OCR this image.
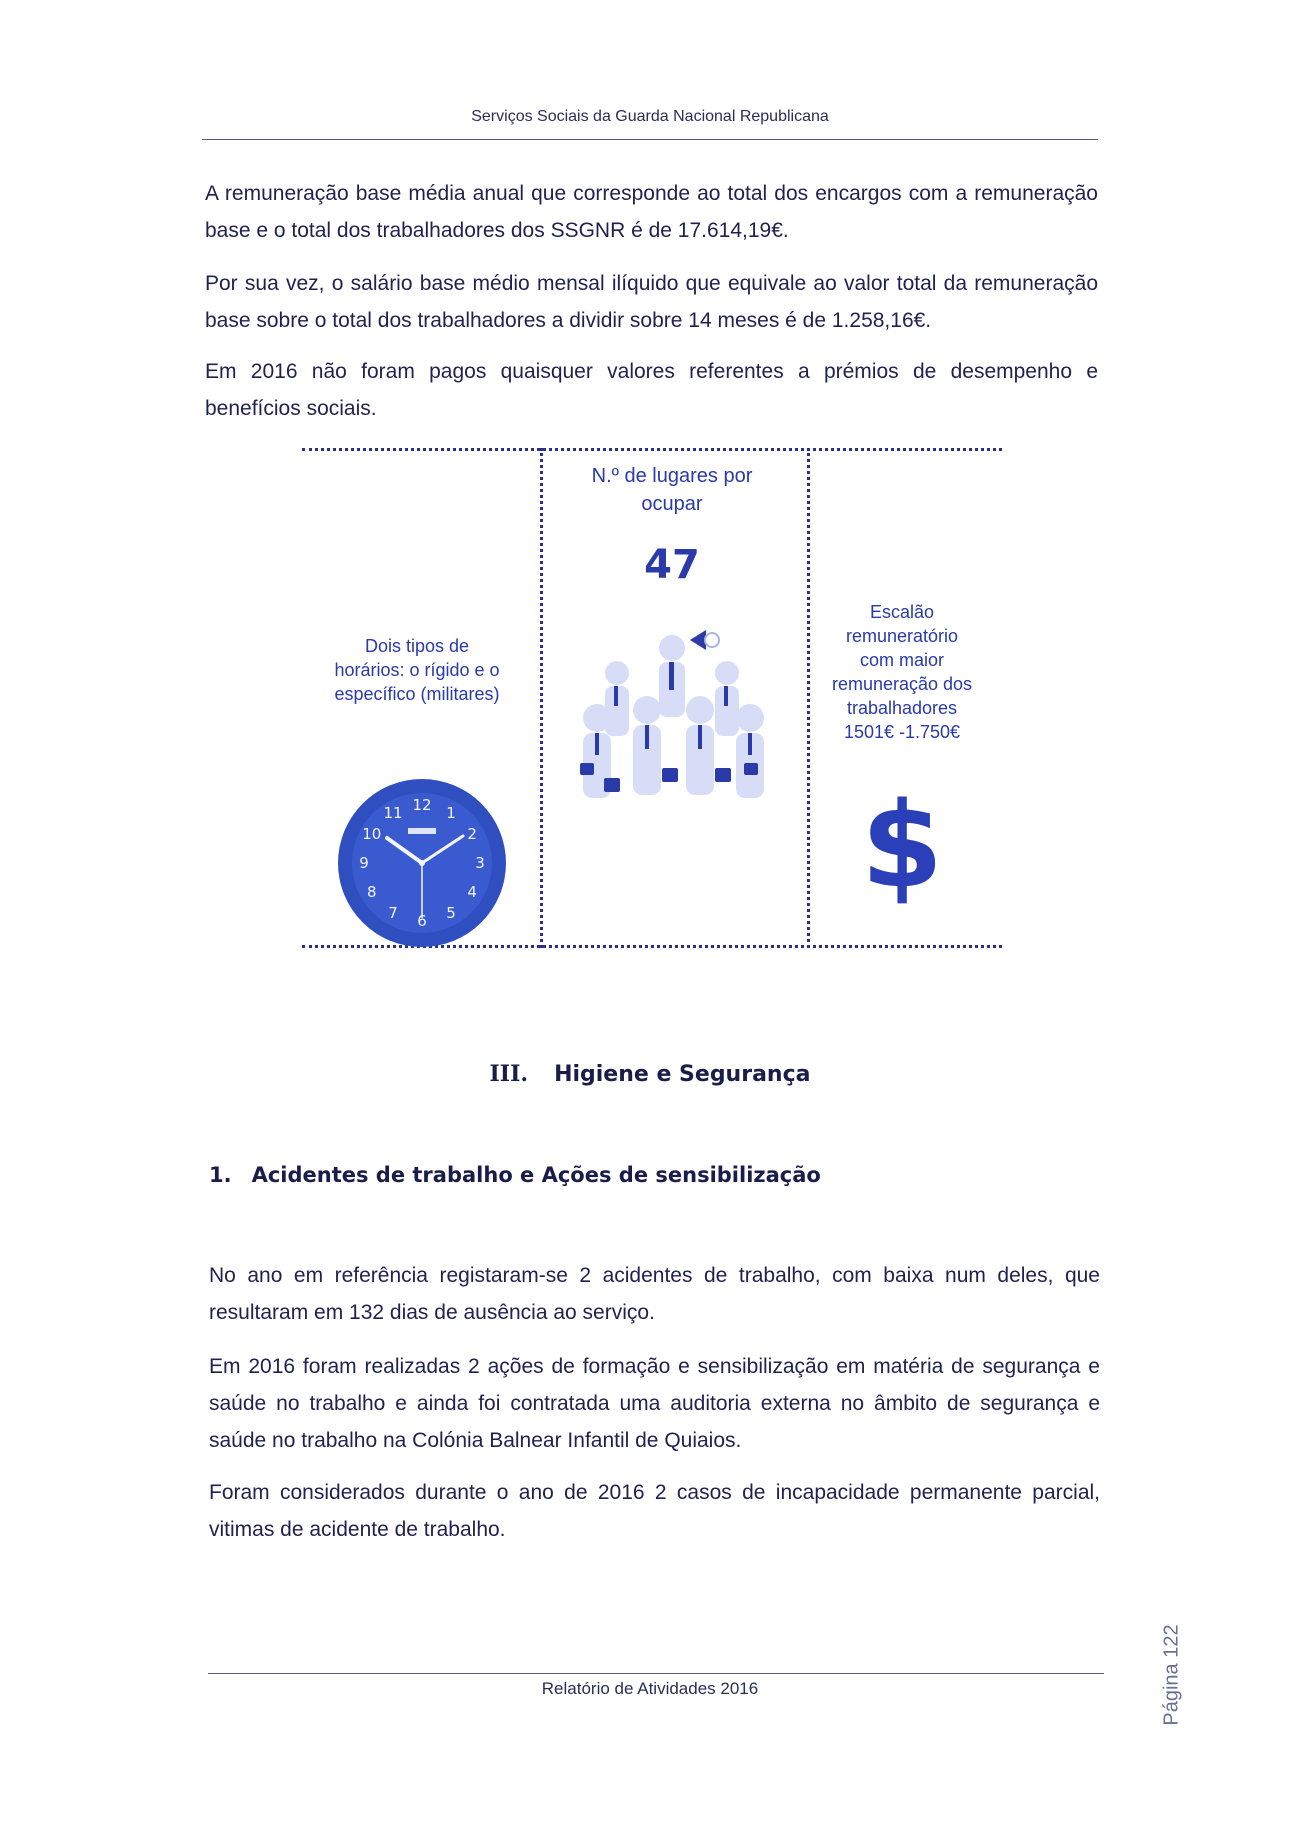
Serviços Sociais da Guarda Nacional Republicana

A remuneração base média anual que corresponde ao total dos encargos com a remuneração base e o total dos trabalhadores dos SSGNR é de 17.614,19€.

Por sua vez, o salário base médio mensal ilíquido que equivale ao valor total da remuneração base sobre o total dos trabalhadores a dividir sobre 14 meses é de 1.258,16€.

Em 2016 não foram pagos quaisquer valores referentes a prémios de desempenho e benefícios sociais.

Dois tipos de horários: o rígido e o específico (militares)
12 1
2
3
4
5
6
7
8
9
10
11
N.º de lugares por ocupar
47
Escalão remuneratório com maior remuneração dos trabalhadores 1501€ -1.750€
$
III. Higiene e Segurança
1. Acidentes de trabalho e Ações de sensibilização

No ano em referência registaram-se 2 acidentes de trabalho, com baixa num deles, que resultaram em 132 dias de ausência ao serviço.

Em 2016 foram realizadas 2 ações de formação e sensibilização em matéria de segurança e saúde no trabalho e ainda foi contratada uma auditoria externa no âmbito de segurança e saúde no trabalho na Colónia Balnear Infantil de Quiaios.

Foram considerados durante o ano de 2016 2 casos de incapacidade permanente parcial, vitimas de acidente de trabalho.

Página 122
Relatório de Atividades 2016
